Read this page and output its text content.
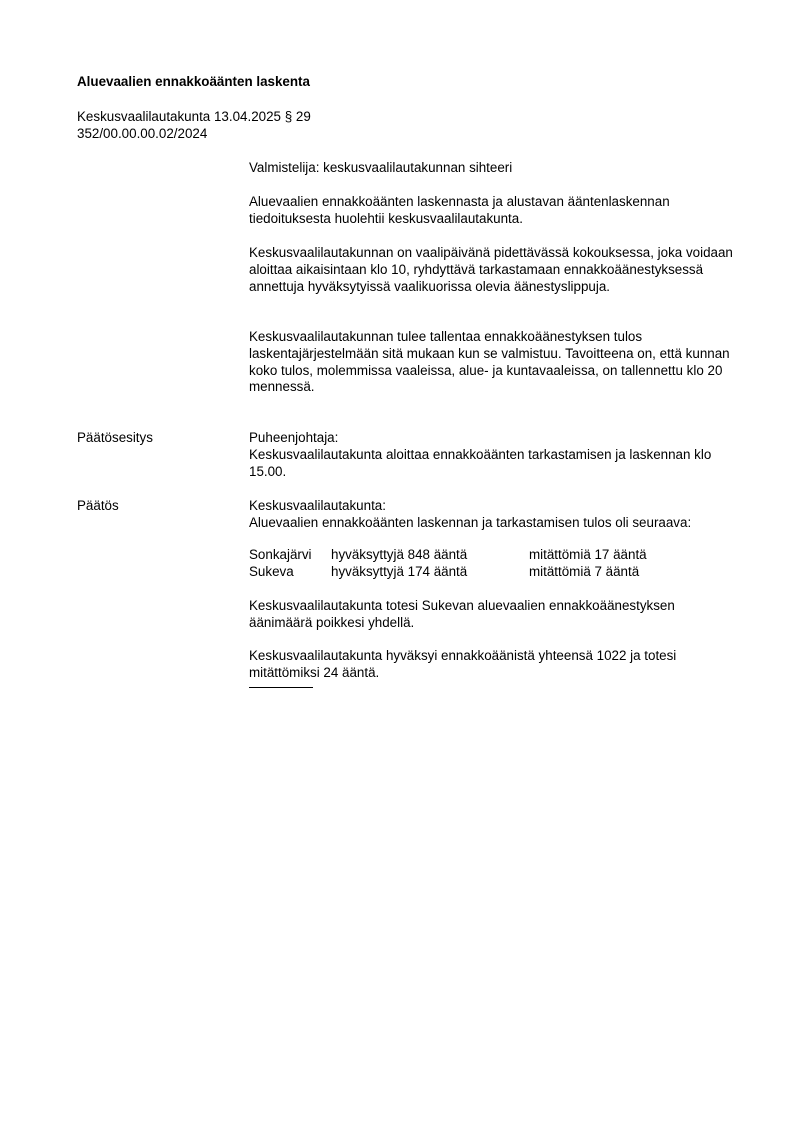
Aluevaalien ennakkoäänten laskenta
Keskusvaalilautakunta 13.04.2025 § 29
352/00.00.00.02/2024

Valmistelija: keskusvaalilautakunnan sihteeri

Aluevaalien ennakkoäänten laskennasta ja alustavan ääntenlaskennan tiedoituksesta huolehtii keskusvaalilautakunta.

Keskusvaalilautakunnan on vaalipäivänä pidettävässä kokouksessa, joka voidaan aloittaa aikaisintaan klo 10, ryhdyttävä tarkastamaan ennakkoäänestyksessä annettuja hyväksytyissä vaalikuorissa olevia äänestyslippuja.

Keskusvaalilautakunnan tulee tallentaa ennakkoäänestyksen tulos laskentajärjestelmään sitä mukaan kun se valmistuu. Tavoitteena on, että kunnan koko tulos, molemmissa vaaleissa, alue- ja kuntavaaleissa, on tallennettu klo 20 mennessä.

Päätösesitys	Puheenjohtaja:
Keskusvaalilautakunta aloittaa ennakkoäänten tarkastamisen ja laskennan klo 15.00.
Päätös	Keskusvaalilautakunta:
Aluevaalien ennakkoäänten laskennan ja tarkastamisen tulos oli seuraava:
Sonkajärvi hyväksyttyjä 848 ääntä	mitättömiä 17 ääntä
Sukeva	hyväksyttyjä 174 ääntä	mitättömiä 7 ääntä

Keskusvaalilautakunta totesi Sukevan aluevaalien ennakkoäänestyksen äänimäärä poikkesi yhdellä.

Keskusvaalilautakunta hyväksyi ennakkoäänistä yhteensä 1022 ja totesi mitättömiksi 24 ääntä.
